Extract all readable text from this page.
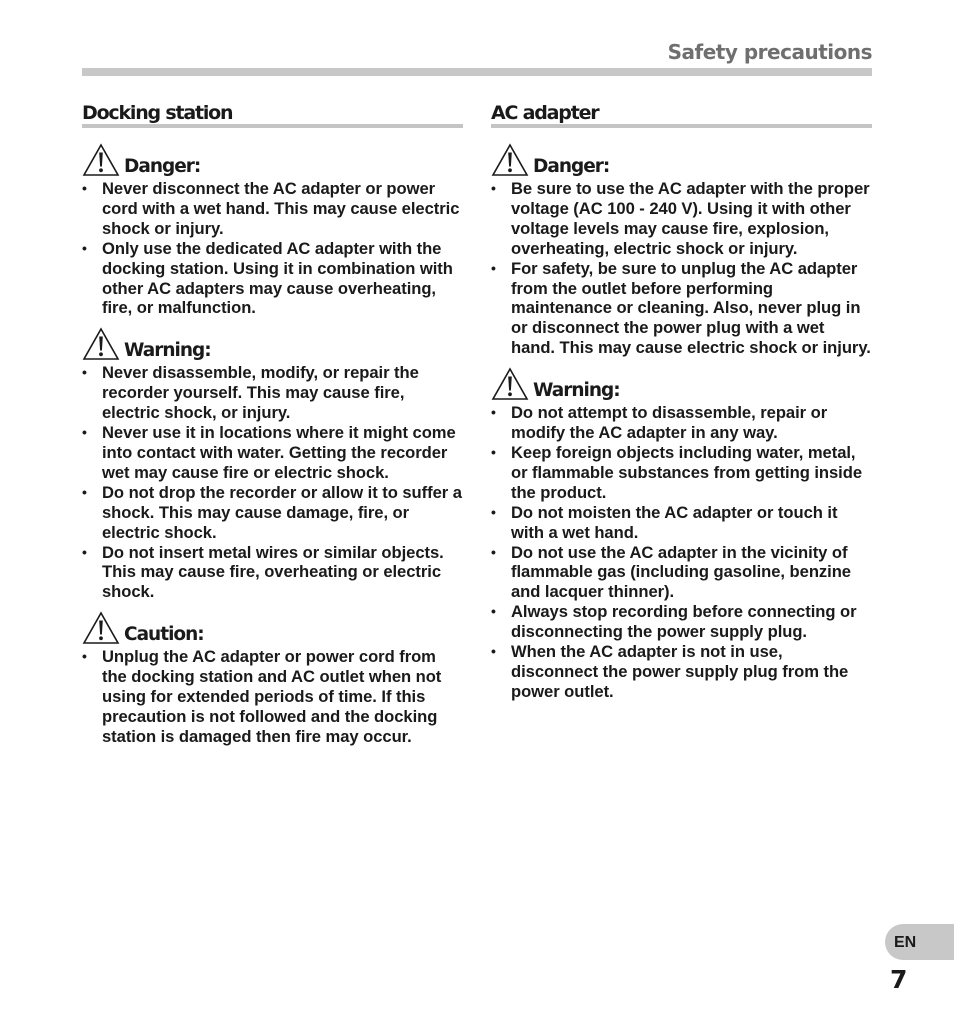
Safety precautions
Docking station
Danger:
• Never disconnect the AC adapter or power cord with a wet hand. This may cause electric shock or injury.
• Only use the dedicated AC adapter with the docking station. Using it in combination with other AC adapters may cause overheating, fire, or malfunction.
Warning:
• Never disassemble, modify, or repair the recorder yourself. This may cause fire, electric shock, or injury.
• Never use it in locations where it might come into contact with water. Getting the recorder wet may cause fire or electric shock.
• Do not drop the recorder or allow it to suffer a shock. This may cause damage, fire, or electric shock.
• Do not insert metal wires or similar objects. This may cause fire, overheating or electric shock.
Caution:
• Unplug the AC adapter or power cord from the docking station and AC outlet when not using for extended periods of time. If this precaution is not followed and the docking station is damaged then fire may occur.
AC adapter
Danger:
• Be sure to use the AC adapter with the proper voltage (AC 100 - 240 V). Using it with other voltage levels may cause fire, explosion, overheating, electric shock or injury.
• For safety, be sure to unplug the AC adapter from the outlet before performing maintenance or cleaning. Also, never plug in or disconnect the power plug with a wet hand. This may cause electric shock or injury.
Warning:
• Do not attempt to disassemble, repair or modify the AC adapter in any way.
• Keep foreign objects including water, metal, or flammable substances from getting inside the product.
• Do not moisten the AC adapter or touch it with a wet hand.
• Do not use the AC adapter in the vicinity of flammable gas (including gasoline, benzine and lacquer thinner).
• Always stop recording before connecting or disconnecting the power supply plug.
• When the AC adapter is not in use, disconnect the power supply plug from the power outlet.
EN
7
